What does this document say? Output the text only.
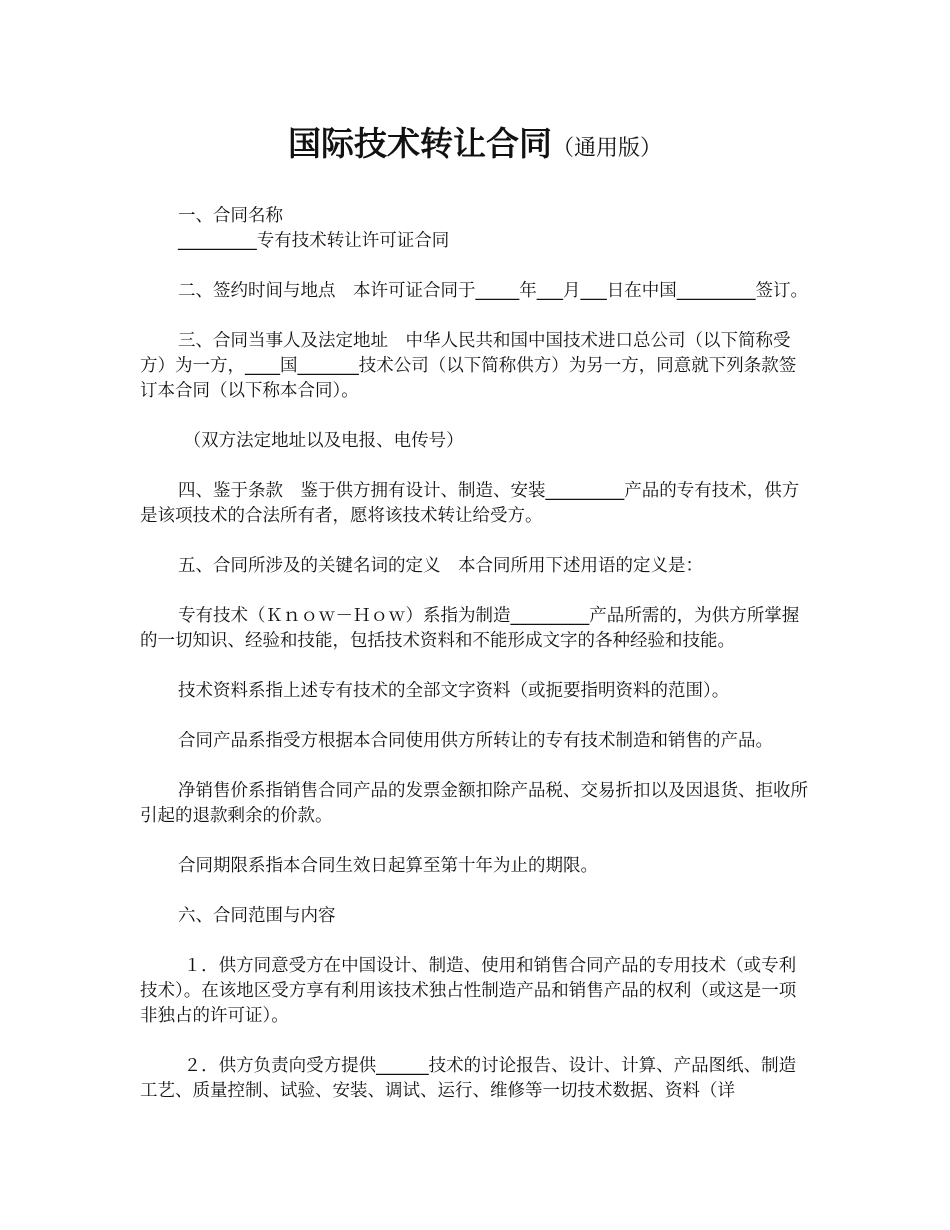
国际技术转让合同（通用版）

一、合同名称

_________专有技术转让许可证合同

二、签约时间与地点　本许可证合同于_____年___月___日在中国_________签订。

三、合同当事人及法定地址　中华人民共和国中国技术进口总公司（以下简称受方）为一方，____国_______技术公司（以下简称供方）为另一方，同意就下列条款签订本合同（以下称本合同）。

（双方法定地址以及电报、电传号）

四、鉴于条款　鉴于供方拥有设计、制造、安装_________产品的专有技术，供方是该项技术的合法所有者，愿将该技术转让给受方。

五、合同所涉及的关键名词的定义　本合同所用下述用语的定义是：

专有技术（Ｋｎｏｗ－Ｈｏｗ）系指为制造_________产品所需的，为供方所掌握的一切知识、经验和技能，包括技术资料和不能形成文字的各种经验和技能。

技术资料系指上述专有技术的全部文字资料（或扼要指明资料的范围）。

合同产品系指受方根据本合同使用供方所转让的专有技术制造和销售的产品。

净销售价系指销售合同产品的发票金额扣除产品税、交易折扣以及因退货、拒收所引起的退款剩余的价款。

合同期限系指本合同生效日起算至第十年为止的期限。

六、合同范围与内容

１．供方同意受方在中国设计、制造、使用和销售合同产品的专用技术（或专利技术）。在该地区受方享有利用该技术独占性制造产品和销售产品的权利（或这是一项非独占的许可证）。

２．供方负责向受方提供______技术的讨论报告、设计、计算、产品图纸、制造工艺、质量控制、试验、安装、调试、运行、维修等一切技术数据、资料（详
